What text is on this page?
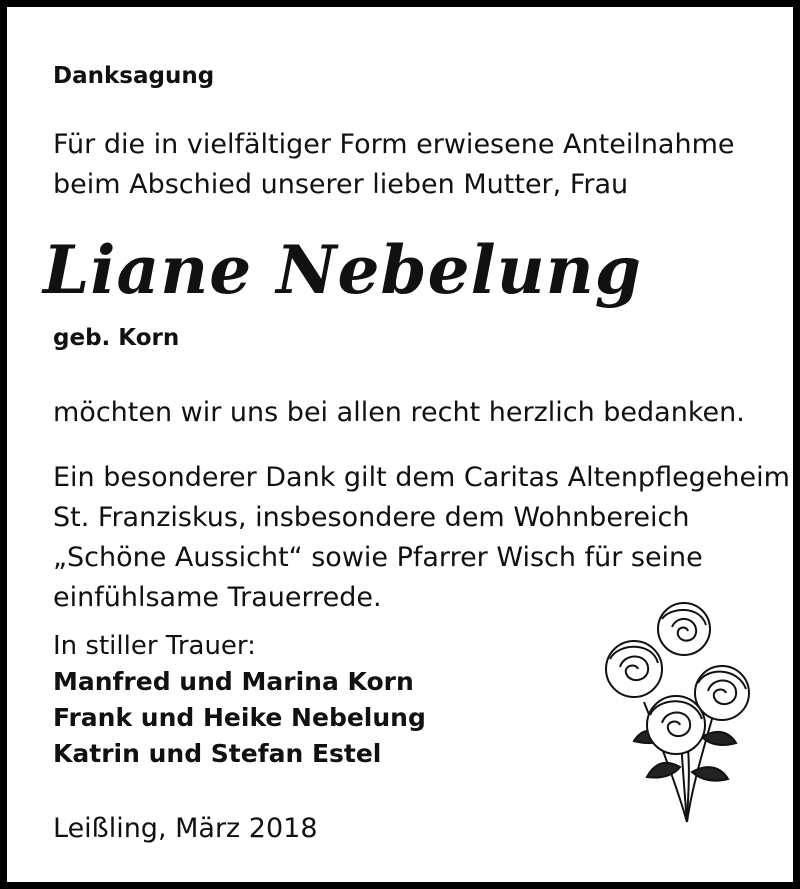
Danksagung

Für die in vielfältiger Form erwiesene Anteilnahme
beim Abschied unserer lieben Mutter, Frau

Liane Nebelung

geb. Korn

möchten wir uns bei allen recht herzlich bedanken.

Ein besonderer Dank gilt dem Caritas Altenpflegeheim
St. Franziskus, insbesondere dem Wohnbereich
„Schöne Aussicht“ sowie Pfarrer Wisch für seine
einfühlsame Trauerrede.
In stiller Trauer:
Manfred und Marina Korn
Frank und Heike Nebelung
Katrin und Stefan Estel

Leißling, März 2018
